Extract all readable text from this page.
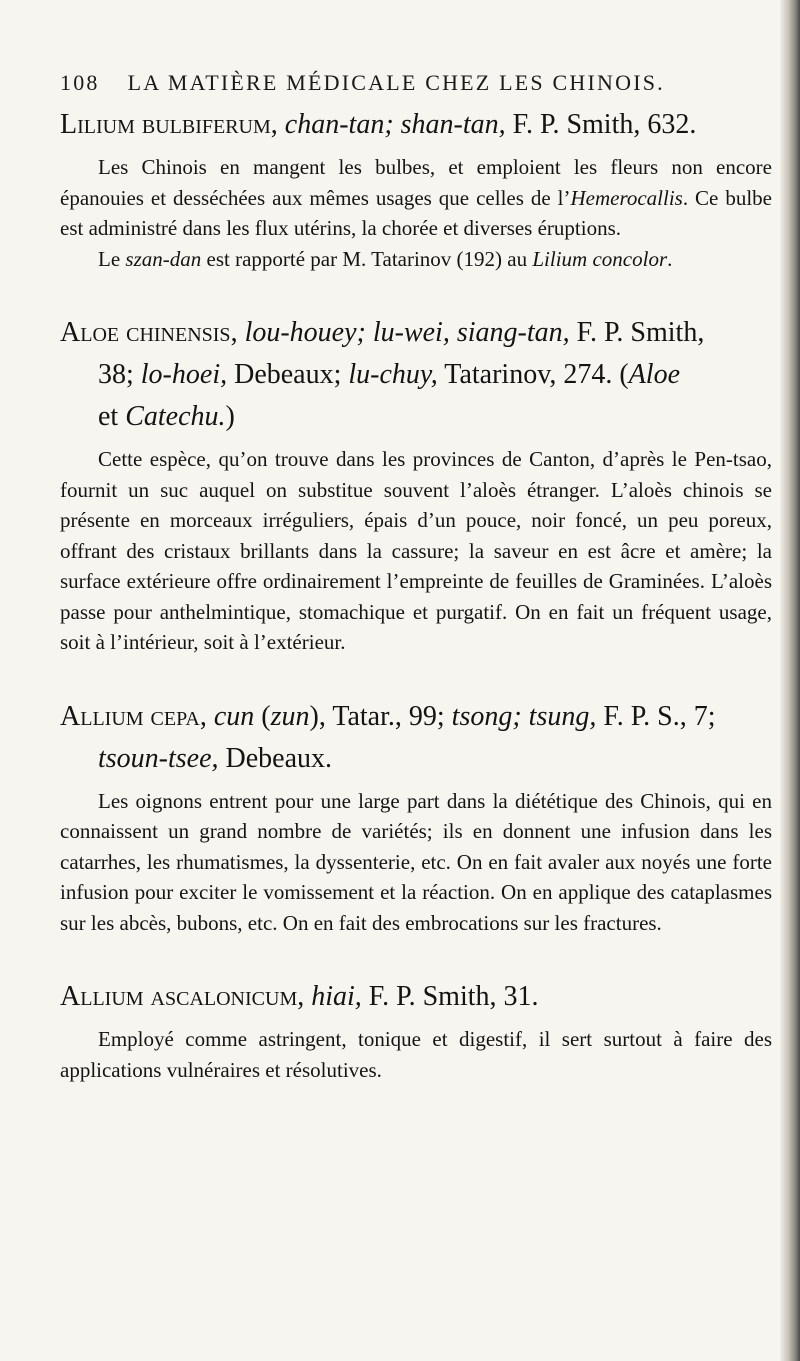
108 LA MATIÈRE MÉDICALE CHEZ LES CHINOIS.
Lilium bulbiferum, chan-tan; shan-tan, F. P. Smith, 632.

Les Chinois en mangent les bulbes, et emploient les fleurs non encore épanouies et desséchées aux mêmes usages que celles de l’Hemerocallis. Ce bulbe est administré dans les flux utérins, la chorée et diverses éruptions.

Le szan-dan est rapporté par M. Tatarinov (192) au Lilium concolor.

Aloe chinensis, lou-houey; lu-wei, siang-tan, F. P. Smith,
38; lo-hoei, Debeaux; lu-chuy, Tatarinov, 274. (Aloe
et Catechu.)

Cette espèce, qu’on trouve dans les provinces de Canton, d’après le Pen-tsao, fournit un suc auquel on substitue souvent l’aloès étranger. L’aloès chinois se présente en morceaux irréguliers, épais d’un pouce, noir foncé, un peu poreux, offrant des cristaux brillants dans la cassure; la saveur en est âcre et amère; la surface extérieure offre ordinairement l’empreinte de feuilles de Graminées. L’aloès passe pour anthelmintique, stomachique et purgatif. On en fait un fréquent usage, soit à l’intérieur, soit à l’extérieur.

Allium cepa, cun (zun), Tatar., 99; tsong; tsung, F. P. S., 7;
tsoun-tsee, Debeaux.

Les oignons entrent pour une large part dans la diététique des Chinois, qui en connaissent un grand nombre de variétés; ils en donnent une infusion dans les catarrhes, les rhumatismes, la dyssenterie, etc. On en fait avaler aux noyés une forte infusion pour exciter le vomissement et la réaction. On en applique des cataplasmes sur les abcès, bubons, etc. On en fait des embrocations sur les fractures.

Allium ascalonicum, hiai, F. P. Smith, 31.

Employé comme astringent, tonique et digestif, il sert surtout à faire des applications vulnéraires et résolutives.
